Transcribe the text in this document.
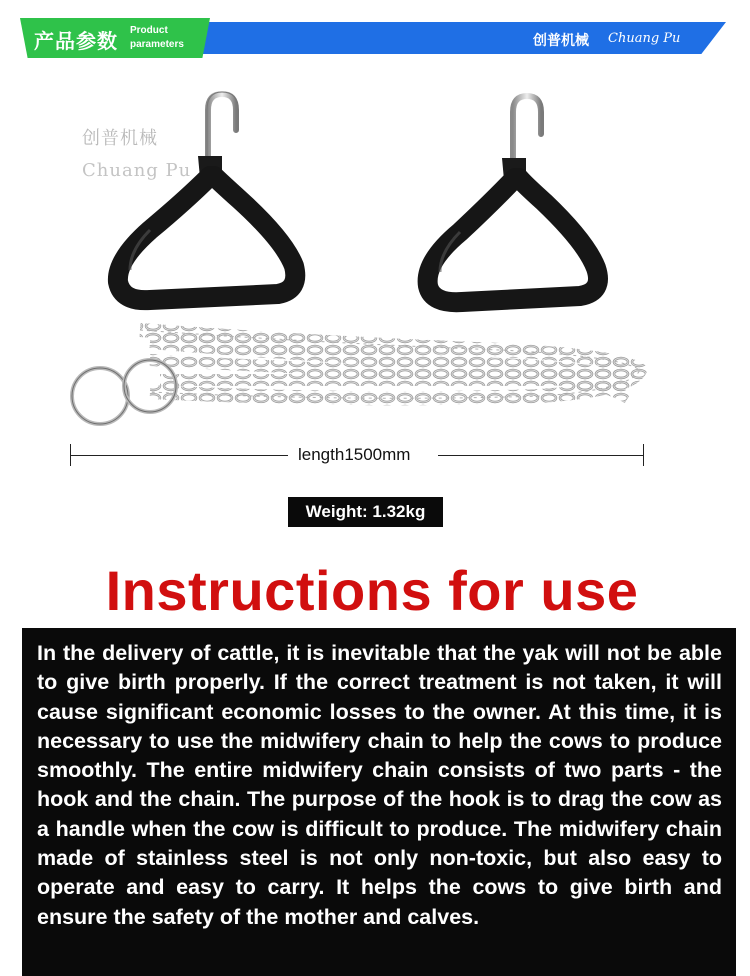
产品参数 Product
parameters	创普机械 Chuang Pu
创普机械
Chuang Pu
length1500mm
Weight: 1.32kg
Instructions for use

In the delivery of cattle, it is inevitable that the yak will not be able to give birth properly. If the correct treatment is not taken, it will cause significant economic losses to the owner. At this time, it is necessary to use the midwifery chain to help the cows to produce smoothly. The entire midwifery chain consists of two parts - the hook and the chain. The purpose of the hook is to drag the cow as a handle when the cow is difficult to produce. The midwifery chain made of stainless steel is not only non-toxic, but also easy to operate and easy to carry. It helps the cows to give birth and ensure the safety of the mother and calves.
